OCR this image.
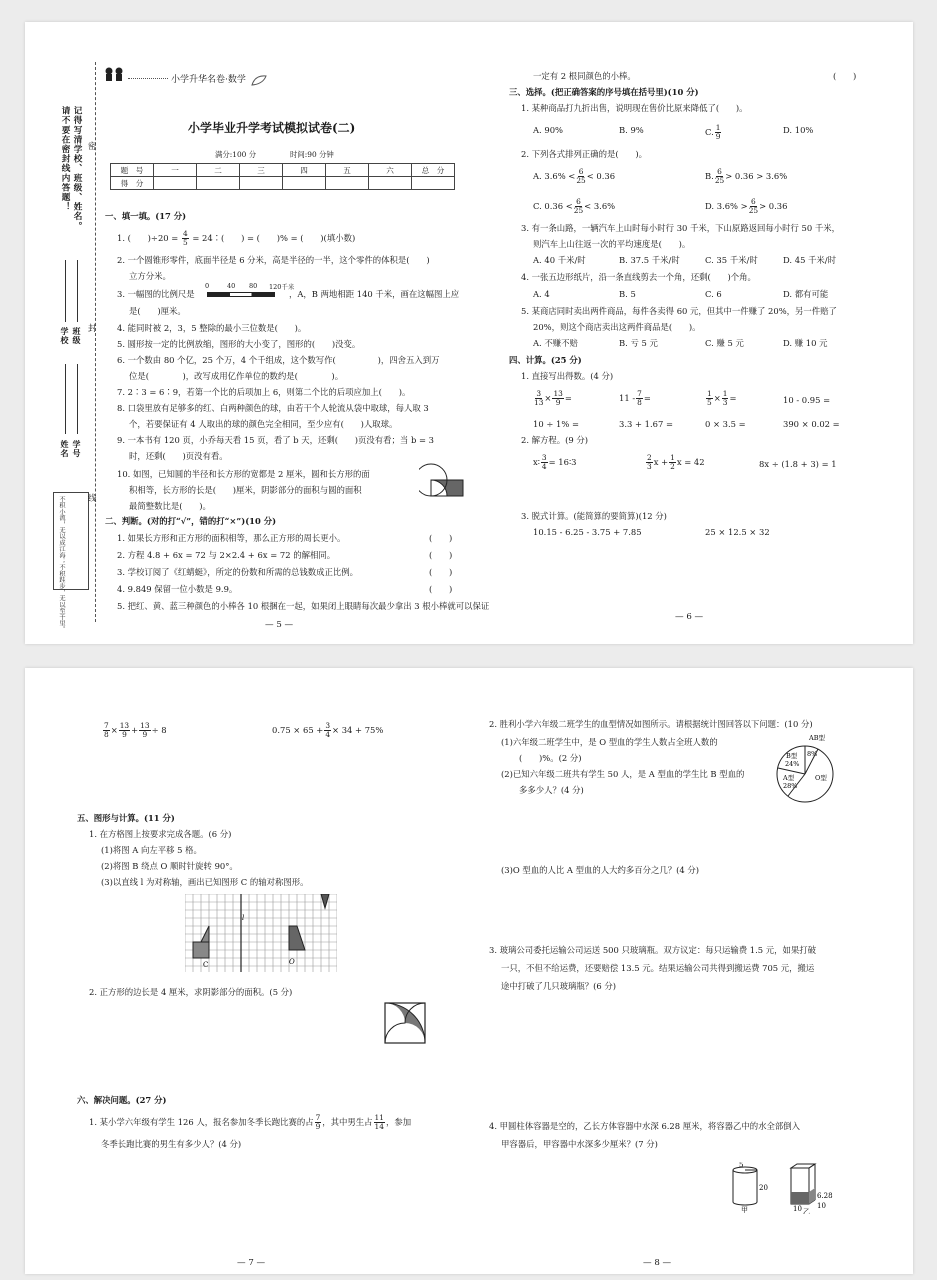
请不要在密封线内答题！ 记得写清学校、班级、姓名。
学校 班级
姓名 学号
不积小流，无以成江海；不积跬步，无以至千里。
密
封
线
小学升华名卷·数学
小学毕业升学考试模拟试卷(二)
满分:100 分	时间:90 分钟
题　号	一	二	三	四	五	六	总　分
得　分							
一、填一填。(17 分)
1. (　　)$\div 20 = \frac{4}{5}$ = 24∶(　　) = (　　)% = (　　)(填小数)
2. 一个圆锥形零件，底面半径是 6 分米，高是半径的一半，这个零件的体积是(　　)
立方分米。
3. 一幅图的比例尺是
0	40 80 120千米
，A，B 两地相距 140 千米，画在这幅图上应
是(　　)厘米。
4. 能同时被 2，3，5 整除的最小三位数是(　　)。
5. 圆形按一定的比例放缩，图形的大小变了，图形的(　　)没变。
6. 一个数由 80 个亿，25 个万，4 个千组成，这个数写作(　　　　　)，四舍五入到万
位是(　　　　)，改写成用亿作单位的数约是(　　　　)。
7. 2∶3 = 6∶9，若第一个比的后项加上 6，则第二个比的后项应加上(　　)。
8. 口袋里放有足够多的红、白两种颜色的球，由若干个人轮流从袋中取球，每人取 3
个，若要保证有 4 人取出的球的颜色完全相同，至少应有(　　)人取球。
9. 一本书有 120 页，小乔每天看 15 页，看了 b 天，还剩(　　)页没有看；当 b = 3
时，还剩(　　)页没有看。
10. 如图，已知圆的半径和长方形的宽都是 2 厘米，圆和长方形的面
积相等，长方形的长是(　　)厘米，阴影部分的面积与圆的面积
最简整数比是(　　)。
二、判断。(对的打“√”，错的打“×”)(10 分)
1. 如果长方形和正方形的面积相等，那么正方形的周长更小。
2. 方程 4.8 + 6x = 72 与 2×2.4 + 6x = 72 的解相同。
3. 学校订阅了《红蜻蜓》，所定的份数和所需的总钱数成正比例。
4. 9.849 保留一位小数是 9.9。
5. 把红、黄、蓝三种颜色的小棒各 10 根捆在一起，如果闭上眼睛每次最少拿出 3 根小棒就可以保证
(　　)
(　　)
(　　)
(　　)
— 5 —
一定有 2 根同颜色的小棒。	(　　)
三、选择。(把正确答案的序号填在括号里)(10 分)
1. 某种商品打九折出售，说明现在售价比原来降低了(　　)。
A. 90%	B. 9%	C. $\frac{1}{9}$	D. 10%
2. 下列各式排列正确的是(　　)。
A. $3.6\% < \frac{6}{25} < 0.36$	B. $\frac{6}{25} > 0.36 > 3.6\%$
C. $0.36 < \frac{6}{25} < 3.6\%$	D. $3.6\% > \frac{6}{25} > 0.36$
3. 有一条山路，一辆汽车上山时每小时行 30 千米，下山原路返回每小时行 50 千米，
则汽车上山往返一次的平均速度是(　　)。
A. 40 千米/时	B. 37.5 千米/时	C. 35 千米/时	D. 45 千米/时
4. 一张五边形纸片，沿一条直线剪去一个角，还剩(　　)个角。
A. 4	B. 5	C. 6	D. 都有可能
5. 某商店同时卖出两件商品，每件各卖得 60 元，但其中一件赚了 20%，另一件赔了
20%，则这个商店卖出这两件商品是(　　)。
A. 不赚不赔	B. 亏 5 元	C. 赚 5 元	D. 赚 10 元
四、计算。(25 分)
1. 直接写出得数。(4 分)
$\frac{3}{13} \times \frac{13}{9}$ =	$11 - \frac{7}{8}$ =	$\frac{1}{5} \times \frac{1}{3}$ =	10 - 0.95 =
10 ÷ 1% =	3.3 + 1.67 =	0 × 3.5 =	390 × 0.02 =
2. 解方程。(9 分)
x∶ $\frac{3}{4}$ = 16∶3	$\frac{2}{3}$ $x + \frac{1}{2}$ x = 42	8x ÷ (1.8 + 3) = 1
3. 脱式计算。(能简算的要简算)(12 分)
10.15 - 6.25 - 3.75 + 7.85	25 × 12.5 × 32
— 6 —
$\frac{7}{8} \times \frac{13}{9} + \frac{13}{9} \div 8$	$0.75 \times 65 + \frac{3}{4} \times 34 + 75\%$
五、图形与计算。(11 分)
1. 在方格图上按要求完成各题。(6 分)
(1)将图 A 向左平移 5 格。
(2)将图 B 绕点 O 顺时针旋转 90°。
(3)以直线 l 为对称轴，画出已知图形 C 的轴对称图形。
C	O
l
2. 正方形的边长是 4 厘米，求阴影部分的面积。(5 分)
六、解决问题。(27 分)
1. 某小学六年级有学生 126 人，报名参加冬季长跑比赛的占 $\frac{7}{9}$ ，其中男生占 $\frac{11}{14}$ ，参加
冬季长跑比赛的男生有多少人？(4 分)
— 7 —
2. 胜利小学六年级二班学生的血型情况如图所示。请根据统计图回答以下问题：(10 分)
(1)六年级二班学生中，是 O 型血的学生人数占全班人数的
(　　)%。(2 分)
(2)已知六年级二班共有学生 50 人，是 A 型血的学生比 B 型血的
多多少人？(4 分)
AB型
8%
B型
24%
A型
28%
O型
(3)O 型血的人比 A 型血的人大约多百分之几？(4 分)
3. 玻璃公司委托运输公司运送 500 只玻璃瓶。双方议定：每只运输费 1.5 元，如果打破
一只，不但不给运费，还要赔偿 13.5 元。结果运输公司共得到搬运费 705 元，搬运
途中打破了几只玻璃瓶？(6 分)
4. 甲圆柱体容器是空的，乙长方体容器中水深 6.28 厘米，将容器乙中的水全部倒入
甲容器后，甲容器中水深多少厘米？(7 分)
5
20
甲
6.28
10 10
乙
— 8 —
